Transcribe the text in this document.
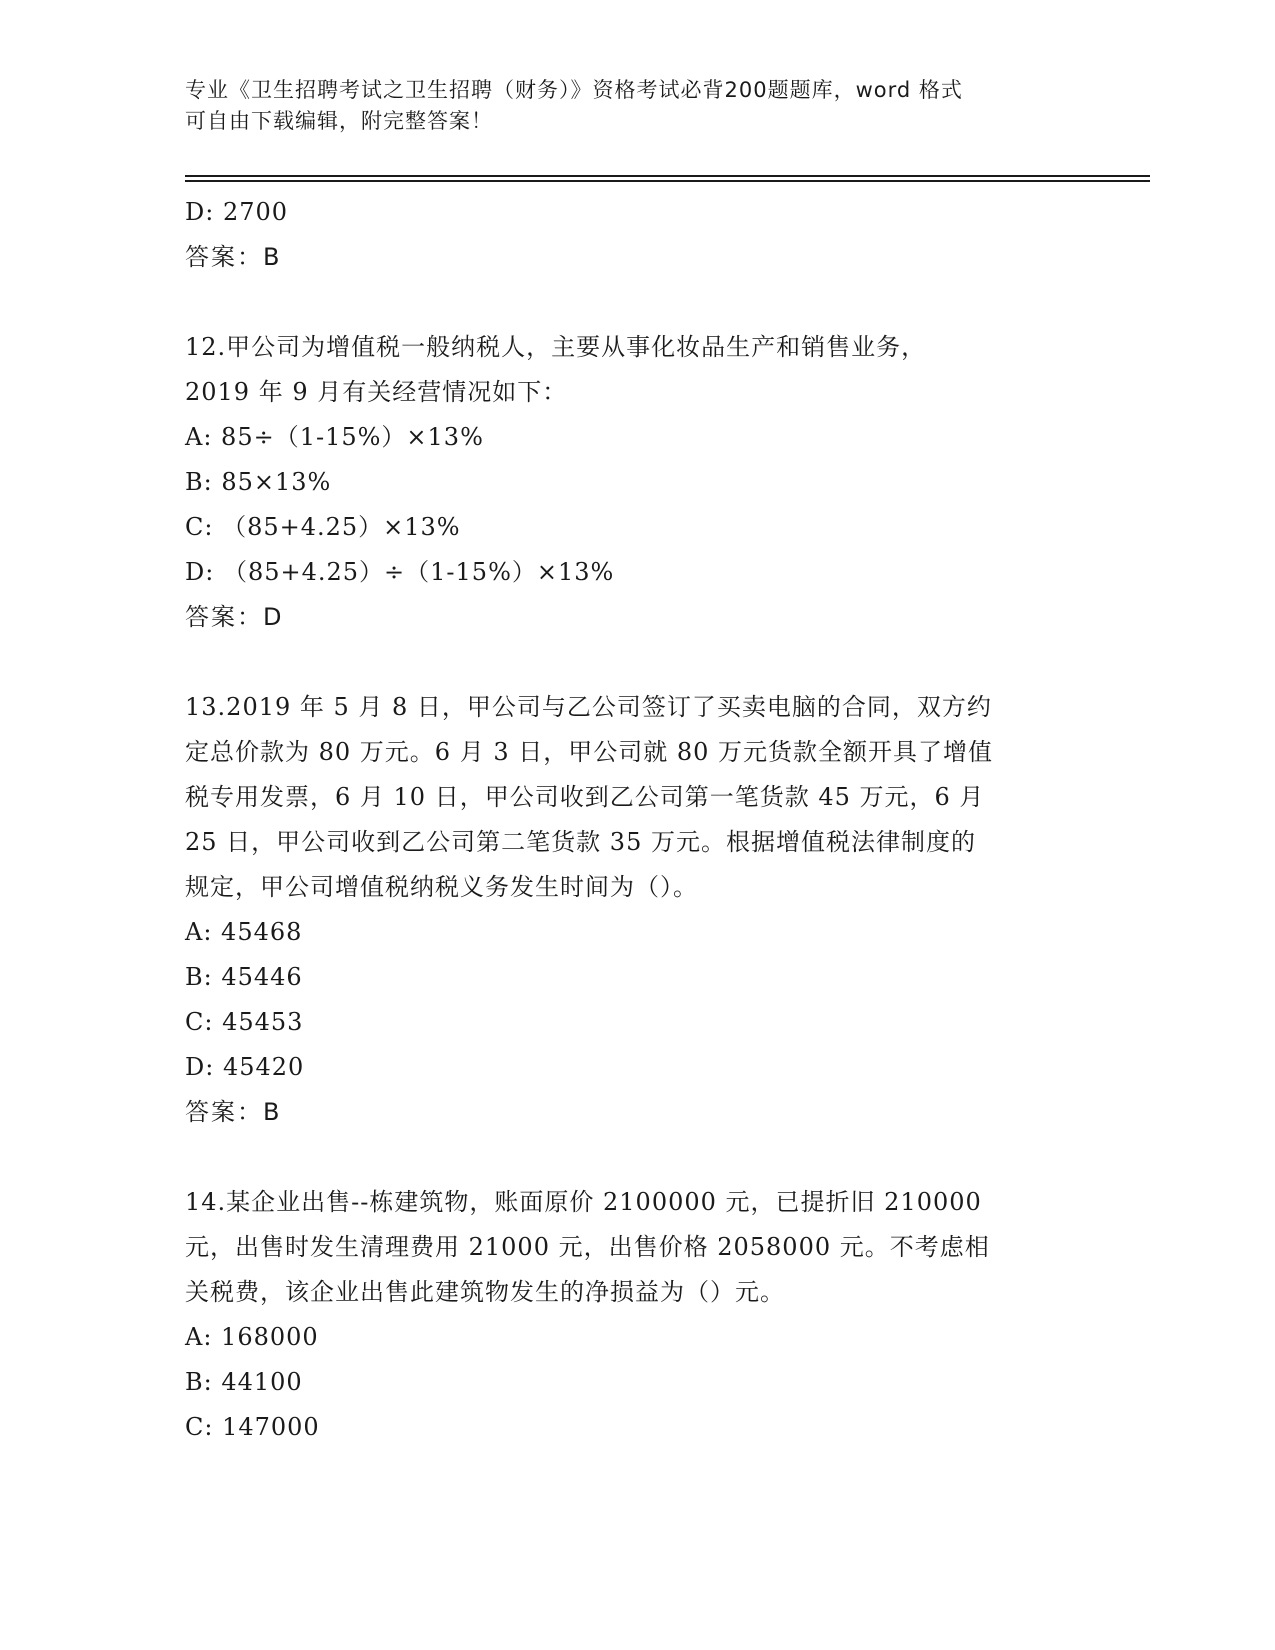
专业《卫生招聘考试之卫生招聘（财务）》资格考试必背200题题库，word 格式
可自由下载编辑，附完整答案！
D: 2700
答案：B
12.甲公司为增值税一般纳税人，主要从事化妆品生产和销售业务，
2019 年 9 月有关经营情况如下：
A: 85÷（1-15%）×13%
B: 85×13%
C: （85+4.25）×13%
D: （85+4.25）÷（1-15%）×13%
答案：D
13.2019 年 5 月 8 日，甲公司与乙公司签订了买卖电脑的合同，双方约
定总价款为 80 万元。6 月 3 日，甲公司就 80 万元货款全额开具了增值
税专用发票，6 月 10 日，甲公司收到乙公司第一笔货款 45 万元，6 月
25 日，甲公司收到乙公司第二笔货款 35 万元。根据增值税法律制度的
规定，甲公司增值税纳税义务发生时间为（）。
A: 45468
B: 45446
C: 45453
D: 45420
答案：B
14.某企业出售--栋建筑物，账面原价 2100000 元，已提折旧 210000
元，出售时发生清理费用 21000 元，出售价格 2058000 元。不考虑相
关税费，该企业出售此建筑物发生的净损益为（）元。
A: 168000
B: 44100
C: 147000
